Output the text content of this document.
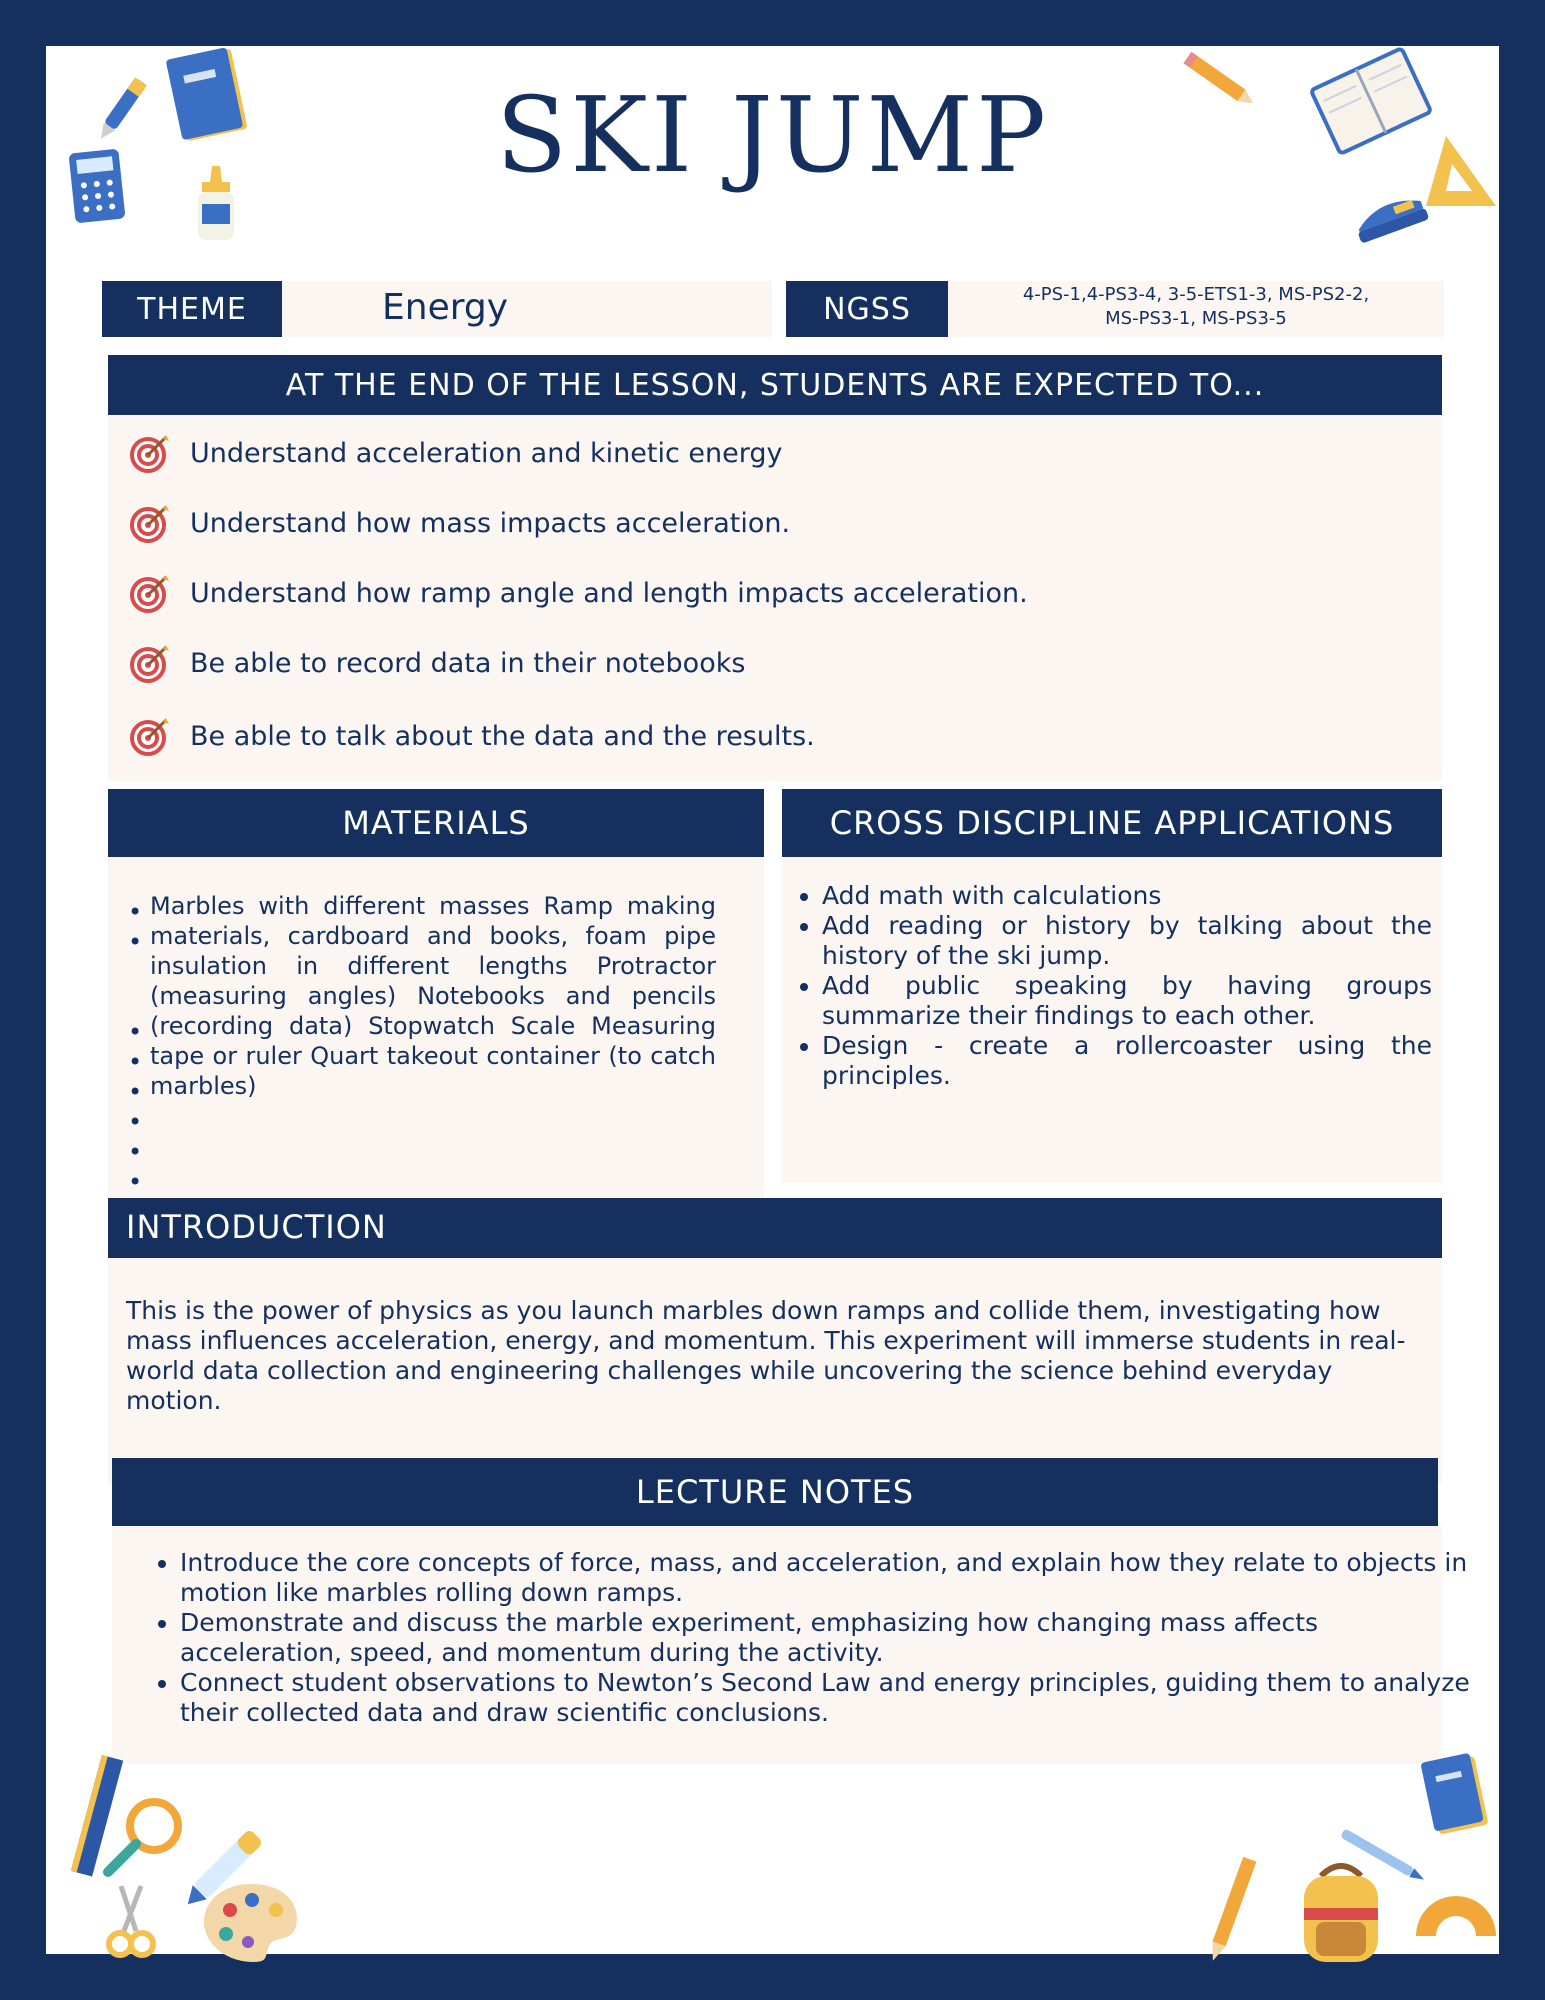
SKI JUMP
THEME	Energy	NGSS	4-PS-1,4-PS3-4, 3-5-ETS1-3, MS-PS2-2,
MS-PS3-1, MS-PS3-5
AT THE END OF THE LESSON, STUDENTS ARE EXPECTED TO...
Understand acceleration and kinetic energy
Understand how mass impacts acceleration.
Understand how ramp angle and length impacts acceleration.
Be able to record data in their notebooks
Be able to talk about the data and the results.
MATERIALS
•
•

•
•
•
•
•
•
Marbles with different masses Ramp making materials, cardboard and books, foam pipe insulation in different lengths Protractor (measuring angles) Notebooks and pencils (recording data) Stopwatch Scale Measuring tape or ruler Quart takeout container (to catch marbles)
CROSS DISCIPLINE APPLICATIONS
• Add math with calculations
• Add reading or history by talking about the history of the ski jump.
• Add public speaking by having groups summarize their findings to each other.
• Design - create a rollercoaster using the principles.
This is the power of physics as you launch marbles down ramps and collide them, investigating how mass influences acceleration, energy, and momentum. This experiment will immerse students in real-world data collection and engineering challenges while uncovering the science behind everyday motion.
INTRODUCTION
LECTURE NOTES
• Introduce the core concepts of force, mass, and acceleration, and explain how they relate to objects in motion like marbles rolling down ramps.
• Demonstrate and discuss the marble experiment, emphasizing how changing mass affects acceleration, speed, and momentum during the activity.
• Connect student observations to Newton’s Second Law and energy principles, guiding them to analyze their collected data and draw scientific conclusions.
